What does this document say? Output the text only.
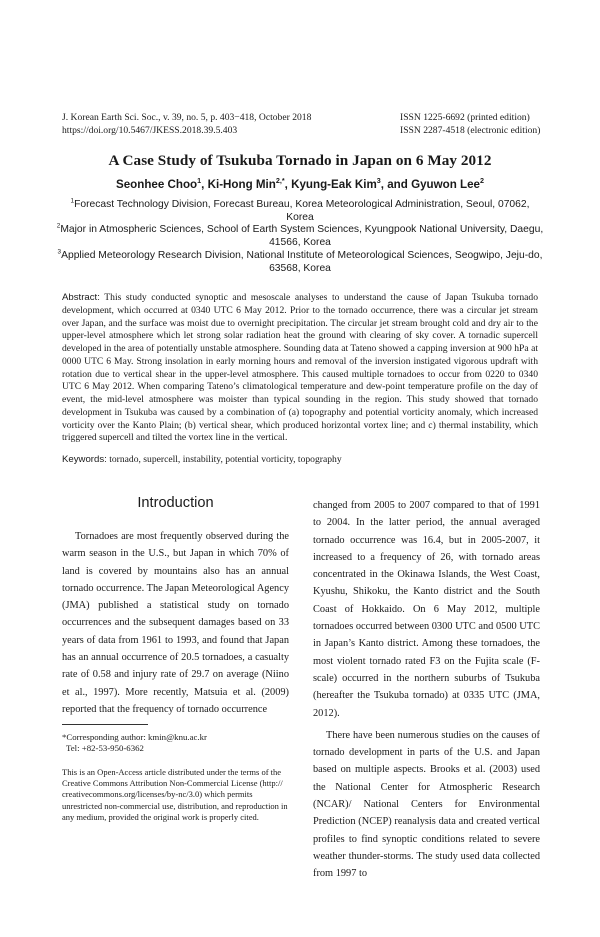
J. Korean Earth Sci. Soc., v. 39, no. 5, p. 403−418, October 2018
https://doi.org/10.5467/JKESS.2018.39.5.403
ISSN 1225-6692 (printed edition)
ISSN 2287-4518 (electronic edition)
A Case Study of Tsukuba Tornado in Japan on 6 May 2012
Seonhee Choo$^1$, Ki-Hong Min$^{2,*}$, Kyung-Eak Kim$^3$, and Gyuwon Lee$^2$

$^1$Forecast Technology Division, Forecast Bureau, Korea Meteorological Administration, Seoul, 07062, Korea

$^2$Major in Atmospheric Sciences, School of Earth System Sciences, Kyungpook National University, Daegu, 41566, Korea

$^3$Applied Meteorology Research Division, National Institute of Meteorological Sciences, Seogwipo, Jeju-do, 63568, Korea

Abstract: This study conducted synoptic and mesoscale analyses to understand the cause of Japan Tsukuba tornado development, which occurred at 0340 UTC 6 May 2012. Prior to the tornado occurrence, there was a circular jet stream over Japan, and the surface was moist due to overnight precipitation. The circular jet stream brought cold and dry air to the upper-level atmosphere which let strong solar radiation heat the ground with clearing of sky cover. A tornadic supercell developed in the area of potentially unstable atmosphere. Sounding data at Tateno showed a capping inversion at 900 hPa at 0000 UTC 6 May. Strong insolation in early morning hours and removal of the inversion instigated vigorous updraft with rotation due to vertical shear in the upper-level atmosphere. This caused multiple tornadoes to occur from 0220 to 0340 UTC 6 May 2012. When comparing Tateno’s climatological temperature and dew-point temperature profile on the day of event, the mid-level atmosphere was moister than typical sounding in the region. This study showed that tornado development in Tsukuba was caused by a combination of (a) topography and potential vorticity anomaly, which increased vorticity over the Kanto Plain; (b) vertical shear, which produced horizontal vortex line; and c) thermal instability, which triggered supercell and tilted the vortex line in the vertical.
Keywords: tornado, supercell, instability, potential vorticity, topography
Introduction

Tornadoes are most frequently observed during the warm season in the U.S., but Japan in which 70% of land is covered by mountains also has an annual tornado occurrence. The Japan Meteorological Agency (JMA) published a statistical study on tornado occurrences and the subsequent damages based on 33 years of data from 1961 to 1993, and found that Japan has an annual occurrence of 20.5 tornadoes, a casualty rate of 0.58 and injury rate of 29.7 on average (Niino et al., 1997). More recently, Matsuia et al. (2009) reported that the frequency of tornado occurrence

changed from 2005 to 2007 compared to that of 1991 to 2004. In the latter period, the annual averaged tornado occurrence was 16.4, but in 2005-2007, it increased to a frequency of 26, with tornado areas concentrated in the Okinawa Islands, the West Coast, Kyushu, Shikoku, the Kanto district and the South Coast of Hokkaido. On 6 May 2012, multiple tornadoes occurred between 0300 UTC and 0500 UTC in Japan’s Kanto district. Among these tornadoes, the most violent tornado rated F3 on the Fujita scale (F-scale) occurred in the northern suburbs of Tsukuba (hereafter the Tsukuba tornado) at 0335 UTC (JMA, 2012).

There have been numerous studies on the causes of tornado development in parts of the U.S. and Japan based on multiple aspects. Brooks et al. (2003) used the National Center for Atmospheric Research (NCAR)/ National Centers for Environmental Prediction (NCEP) reanalysis data and created vertical profiles to find synoptic conditions related to severe weather thunder-storms. The study used data collected from 1997 to

*Corresponding author: kmin@knu.ac.kr
Tel: +82-53-950-6362
This is an Open-Access article distributed under the terms of the Creative Commons Attribution Non-Commercial License (http:// creativecommons.org/licenses/by-nc/3.0) which permits unrestricted non-commercial use, distribution, and reproduction in any medium, provided the original work is properly cited.
